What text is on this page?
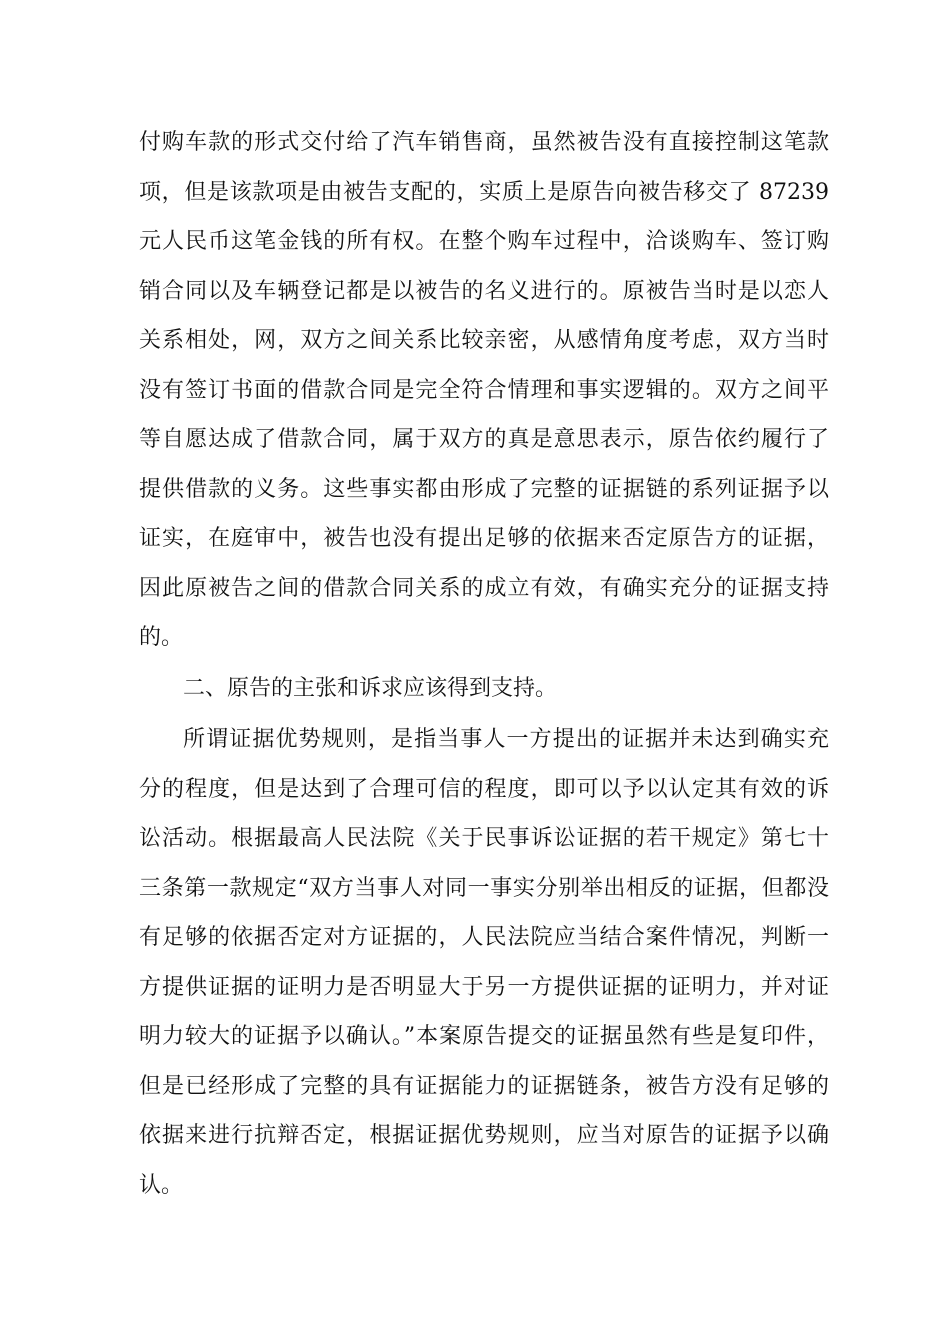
付购车款的形式交付给了汽车销售商，虽然被告没有直接控制这笔款
项，但是该款项是由被告支配的，实质上是原告向被告移交了 87239
元人民币这笔金钱的所有权。在整个购车过程中，洽谈购车、签订购
销合同以及车辆登记都是以被告的名义进行的。原被告当时是以恋人
关系相处，网，双方之间关系比较亲密，从感情角度考虑，双方当时
没有签订书面的借款合同是完全符合情理和事实逻辑的。双方之间平
等自愿达成了借款合同，属于双方的真是意思表示，原告依约履行了
提供借款的义务。这些事实都由形成了完整的证据链的系列证据予以
证实，在庭审中，被告也没有提出足够的依据来否定原告方的证据，
因此原被告之间的借款合同关系的成立有效，有确实充分的证据支持
的。
二、原告的主张和诉求应该得到支持。
所谓证据优势规则，是指当事人一方提出的证据并未达到确实充
分的程度，但是达到了合理可信的程度，即可以予以认定其有效的诉
讼活动。根据最高人民法院《关于民事诉讼证据的若干规定》第七十
三条第一款规定“双方当事人对同一事实分别举出相反的证据，但都没
有足够的依据否定对方证据的，人民法院应当结合案件情况，判断一
方提供证据的证明力是否明显大于另一方提供证据的证明力，并对证
明力较大的证据予以确认。”本案原告提交的证据虽然有些是复印件，
但是已经形成了完整的具有证据能力的证据链条，被告方没有足够的
依据来进行抗辩否定，根据证据优势规则，应当对原告的证据予以确
认。
